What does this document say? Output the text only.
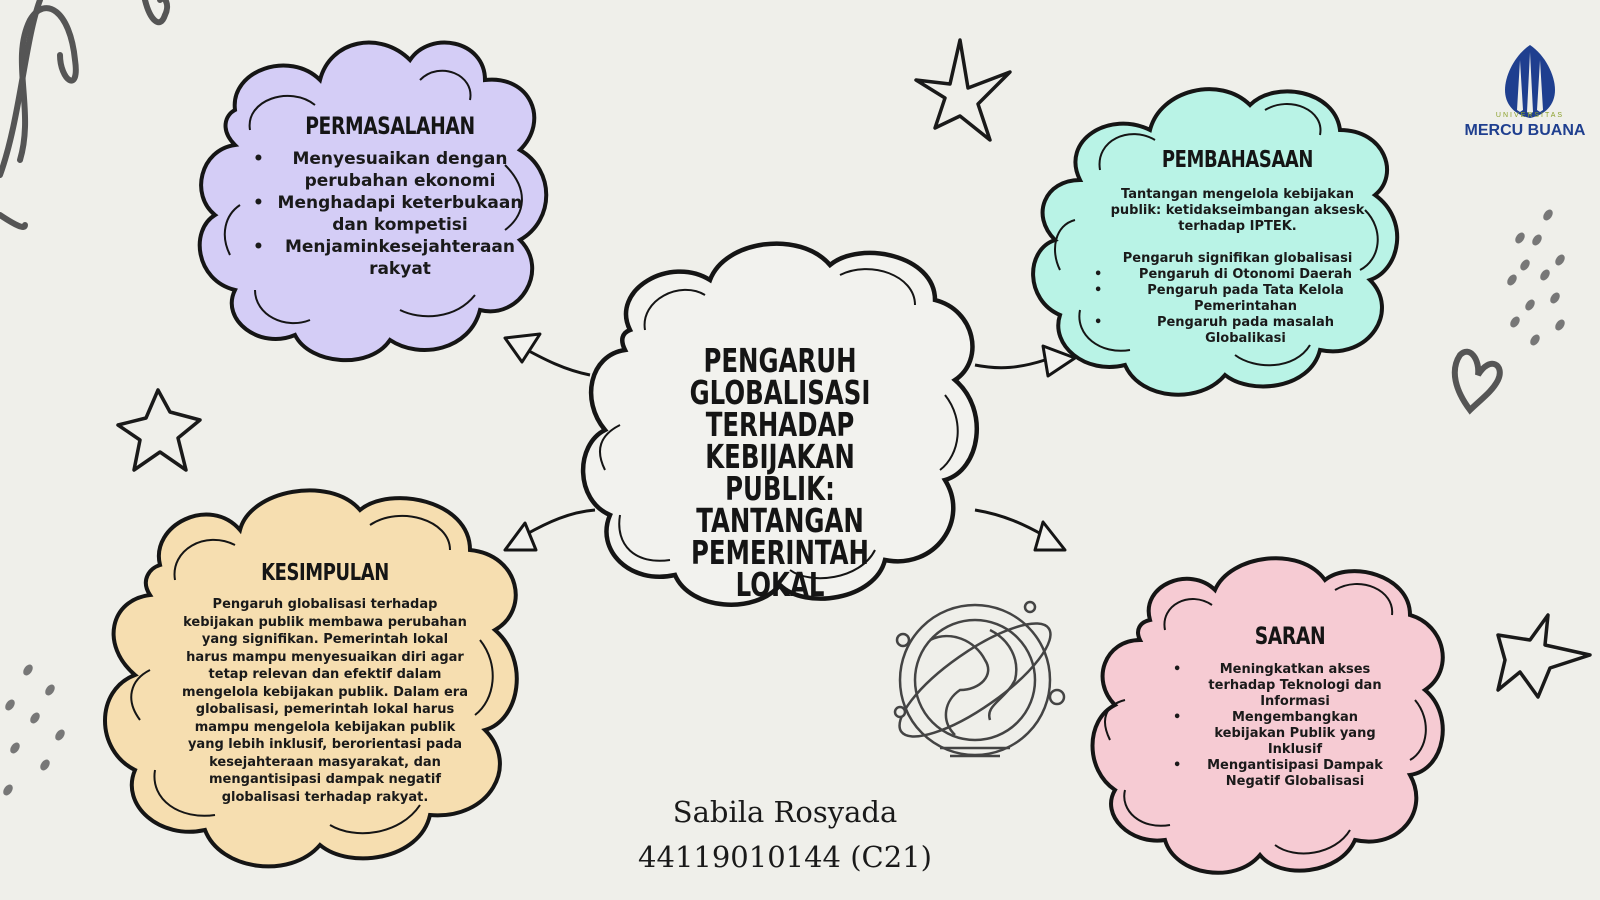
UNIVERSITAS
MERCU BUANA
PENGARUH
GLOBALISASI
TERHADAP KEBIJAKAN
PUBLIK:
TANTANGAN
PEMERINTAH LOKAL
PERMASALAHAN
• Menyesuaikan dengan perubahan ekonomi
• Menghadapi keterbukaan dan kompetisi
• Menjaminkesejahteraan rakyat
PEMBAHASAAN
Tantangan mengelola kebijakan publik: ketidakseimbangan aksesk terhadap IPTEK.
Pengaruh signifikan globalisasi
• Pengaruh di Otonomi Daerah
• Pengaruh pada Tata Kelola Pemerintahan
• Pengaruh pada masalah Globalikasi
KESIMPULAN
Pengaruh globalisasi terhadap kebijakan publik membawa perubahan yang signifikan. Pemerintah lokal harus mampu menyesuaikan diri agar tetap relevan dan efektif dalam mengelola kebijakan publik. Dalam era globalisasi, pemerintah lokal harus mampu mengelola kebijakan publik yang lebih inklusif, berorientasi pada kesejahteraan masyarakat, dan mengantisipasi dampak negatif globalisasi terhadap rakyat.
SARAN
• Meningkatkan akses terhadap Teknologi dan Informasi
• Mengembangkan kebijakan Publik yang Inklusif
• Mengantisipasi Dampak Negatif Globalisasi
Sabila Rosyada
44119010144 (C21)
